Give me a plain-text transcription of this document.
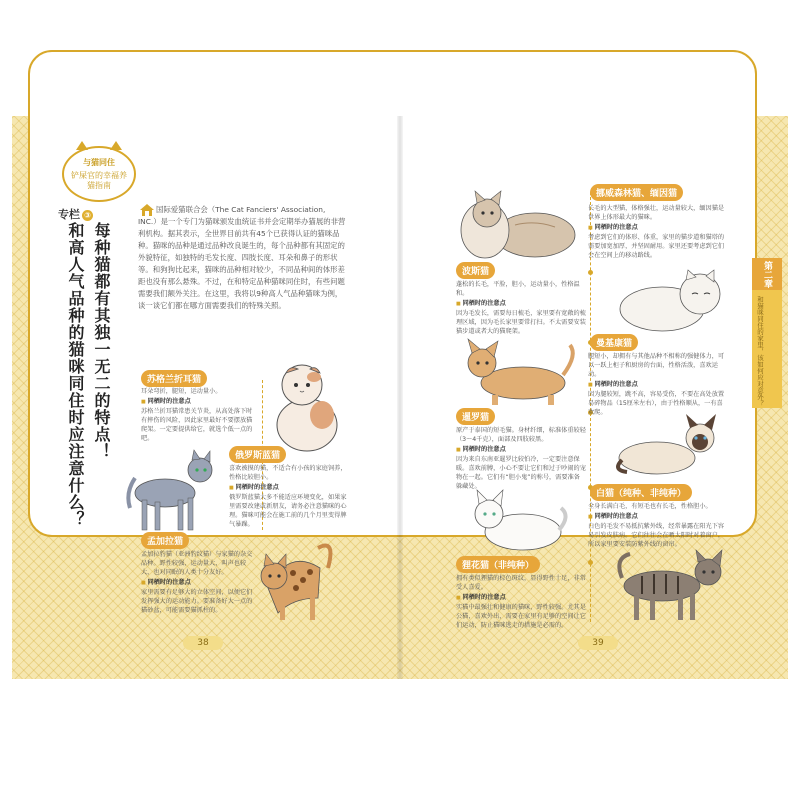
与猫同住
铲屎官的幸福养猫指南
专栏 ③
每种猫都有其独一无二的特点！
和高人气品种的猫咪同住时应注意什么？
国际爱猫联合会（The Cat Fanciers' Association, INC.）是一个专门为猫咪颁发血统证书并会定期举办猫展的非营利机构。据其表示，全世界目前共有45个已获得认证的猫咪品种。猫咪的品种是通过品种改良诞生的，每个品种都有其固定的外貌特征，如独特的毛发长度、四肢长度、耳朵和鼻子的形状等。和狗狗比起来，猫咪的品种相对较少，不同品种间的体形差距也没有那么悬殊。不过，在和特定品种猫咪同住时，有些问题需要我们额外关注。在这里，我将以9种高人气品种猫咪为例，谈一谈它们都在哪方面需要我们的特殊关照。
苏格兰折耳猫
耳朵弯折，腿短，运动量小。
■ 同栖时的注意点
苏格兰折耳猫常患关节炎，从高处落下时有摔伤的风险，因此家里最好不要摆放猫爬架。一定要提供给它，就选个低一点的吧。
俄罗斯蓝猫
喜欢被摸的猫，不适合有小孩的家庭饲养，性格比较胆小。
■ 同栖时的注意点
俄罗斯蓝猫大多不能适应环境变化，如果家里需要改建或新朋友，请务必注意猫咪的心理。猫咪可能会在施工前的几个月里变得脾气暴躁。
孟加拉猫
孟加拉豹猫（亚洲豹纹猫）与家猫的杂交品种。野性较强，运动量大，叫声也较大，也对同眠的人类十分友好。
■ 同栖时的注意点
家里需要有足够大的立体空间，以便它们发挥强大的运动能力。要准备好大一点的猫砂盆，可能需要猫抓柱的。
挪威森林猫、缅因猫
长毛的大型猫，体格强壮，运动量较大，缅因猫是世界上体形最大的猫咪。
■ 同栖时的注意点
考虑到它们的体形、体重，家里的猫步道和猫塔的需要加宽加厚，并坚固耐用。家里还要考虑到它们会在空间上的移动路线。
波斯猫
蓬松的长毛，平脸，胆小，运动量小，性格温和。
■ 同栖时的注意点
因为毛发长，需要每日梳毛，家里要有宽敞的梳理区域，因为毛长家里要常打扫。不太需要安装猫步道或者大的猫爬架。
曼基康猫
腿短小，却拥有与其他品种不相称的强健体力，可以一跃上柜子和厨房的台面，性格活泼，喜欢运动。
■ 同栖时的注意点
因为腿较短，跳不高，容易受伤，不要在高处放置易碎物品（15厘米左右），由于性格顺从，一有喜欢爬。
暹罗猫
原产于泰国的短毛猫。身材纤细，标准体重较轻（3～4千克），面部及四肢较黑。
■ 同栖时的注意点
因为来自东南亚暹罗比较怕冷，一定要注意保暖。喜欢前膊，小心不要让它们和过于吵闹的宠物在一起。它们有“胆小鬼”的称号，需要准备躲藏处。
白猫（纯种、非纯种）
全身长满白毛，有短毛也有长毛，性格胆小。
■ 同栖时的注意点
白色的毛发不易抵抗紫外线，经常暴露在阳光下容易引发皮肤病。它们往往会在晒太阳时对着窗户，所以家里要安装防紫外线的窗帘。
狸花猫（非纯种）
拥有类似狸猫的棕色斑纹，显得野性十足，非常受人喜爱。
■ 同栖时的注意点
实猫中最强壮和健康的猫咪，野性较强。尤其是公猫，喜欢外出，需要在家里有足够的空间让它们运动，防止猫咪逃走的措施是必需的。
38	39
第二章
和猫咪同住的家里，该如何应对意外？
